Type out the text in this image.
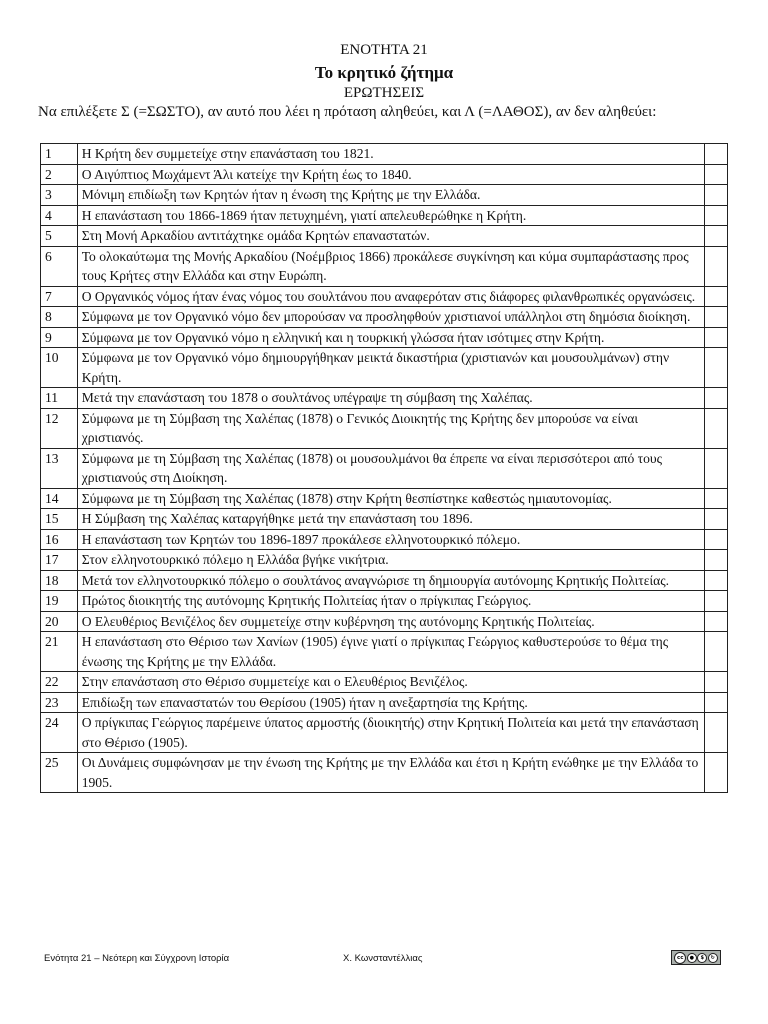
ΕΝΟΤΗΤΑ 21
Το κρητικό ζήτημα
ΕΡΩΤΗΣΕΙΣ
Να επιλέξετε Σ (=ΣΩΣΤΟ), αν αυτό που λέει η πρόταση αληθεύει, και Λ (=ΛΑΘΟΣ), αν δεν αληθεύει:
1	Η Κρήτη δεν συμμετείχε στην επανάσταση του 1821.	
2	Ο Αιγύπτιος Μωχάμεντ Άλι κατείχε την Κρήτη έως το 1840.	
3	Μόνιμη επιδίωξη των Κρητών ήταν η ένωση της Κρήτης με την Ελλάδα.	
4	Η επανάσταση του 1866-1869 ήταν πετυχημένη, γιατί απελευθερώθηκε η Κρήτη.	
5	Στη Μονή Αρκαδίου αντιτάχτηκε ομάδα Κρητών επαναστατών.	
6	Το ολοκαύτωμα της Μονής Αρκαδίου (Νοέμβριος 1866) προκάλεσε συγκίνηση και κύμα συμπαράστασης προς τους Κρήτες στην Ελλάδα και στην Ευρώπη.	
7	Ο Οργανικός νόμος ήταν ένας νόμος του σουλτάνου που αναφερόταν στις διάφορες φιλανθρωπικές οργανώσεις.	
8	Σύμφωνα με τον Οργανικό νόμο δεν μπορούσαν να προσληφθούν χριστιανοί υπάλληλοι στη δημόσια διοίκηση.	
9	Σύμφωνα με τον Οργανικό νόμο η ελληνική και η τουρκική γλώσσα ήταν ισότιμες στην Κρήτη.	
10	Σύμφωνα με τον Οργανικό νόμο δημιουργήθηκαν μεικτά δικαστήρια (χριστιανών και μουσουλμάνων) στην Κρήτη.	
11	Μετά την επανάσταση του 1878 ο σουλτάνος υπέγραψε τη σύμβαση της Χαλέπας.	
12	Σύμφωνα με τη Σύμβαση της Χαλέπας (1878) ο Γενικός Διοικητής της Κρήτης δεν μπορούσε να είναι χριστιανός.	
13	Σύμφωνα με τη Σύμβαση της Χαλέπας (1878) οι μουσουλμάνοι θα έπρεπε να είναι περισσότεροι από τους χριστιανούς στη Διοίκηση.	
14	Σύμφωνα με τη Σύμβαση της Χαλέπας (1878) στην Κρήτη θεσπίστηκε καθεστώς ημιαυτονομίας.	
15	Η Σύμβαση της Χαλέπας καταργήθηκε μετά την επανάσταση του 1896.	
16	Η επανάσταση των Κρητών του 1896-1897 προκάλεσε ελληνοτουρκικό πόλεμο.	
17	Στον ελληνοτουρκικό πόλεμο η Ελλάδα βγήκε νικήτρια.	
18	Μετά τον ελληνοτουρκικό πόλεμο ο σουλτάνος αναγνώρισε τη δημιουργία αυτόνομης Κρητικής Πολιτείας.	
19	Πρώτος διοικητής της αυτόνομης Κρητικής Πολιτείας ήταν ο πρίγκιπας Γεώργιος.	
20	Ο Ελευθέριος Βενιζέλος δεν συμμετείχε στην κυβέρνηση της αυτόνομης Κρητικής Πολιτείας.	
21	Η επανάσταση στο Θέρισο των Χανίων (1905) έγινε γιατί ο πρίγκιπας Γεώργιος καθυστερούσε το θέμα της ένωσης της Κρήτης με την Ελλάδα.	
22	Στην επανάσταση στο Θέρισο συμμετείχε και ο Ελευθέριος Βενιζέλος.	
23	Επιδίωξη των επαναστατών του Θερίσου (1905) ήταν η ανεξαρτησία της Κρήτης.	
24	Ο πρίγκιπας Γεώργιος παρέμεινε ύπατος αρμοστής (διοικητής) στην Κρητική Πολιτεία και μετά την επανάσταση στο Θέρισο (1905).	
25	Οι Δυνάμεις συμφώνησαν με την ένωση της Κρήτης με την Ελλάδα και έτσι η Κρήτη ενώθηκε με την Ελλάδα το 1905.	
Ενότητα 21 – Νεότερη και Σύγχρονη Ιστορία	Χ. Κωνσταντέλλιας	cc	●	$	↻
